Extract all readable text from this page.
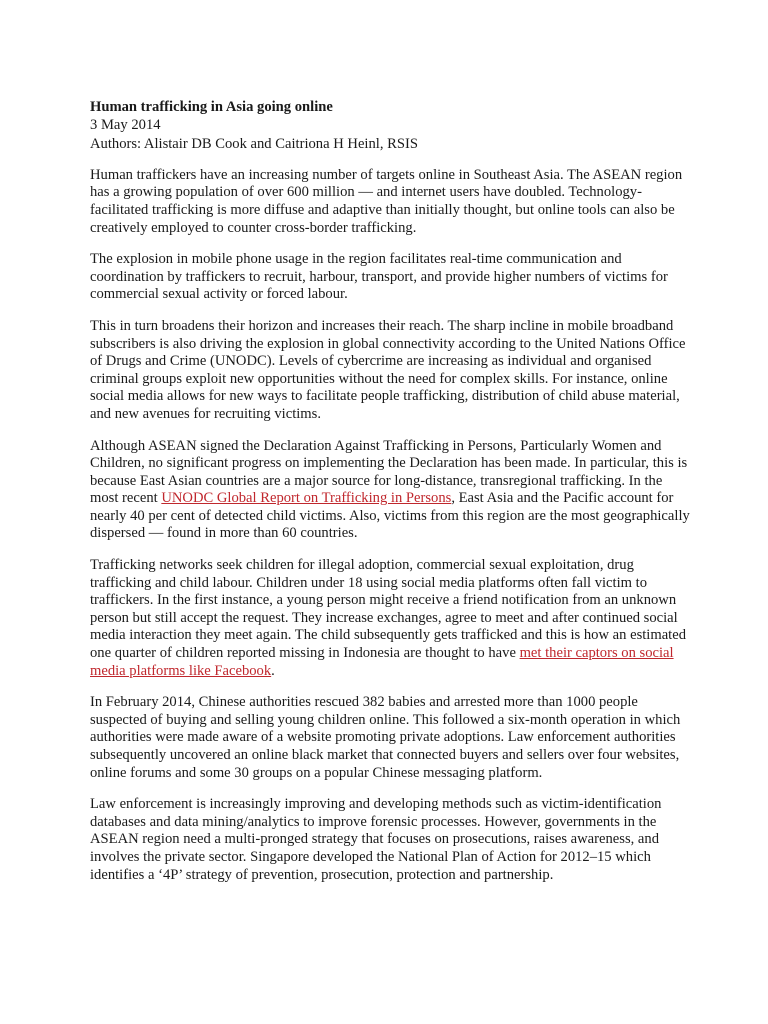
Human trafficking in Asia going online

3 May 2014

Authors: Alistair DB Cook and Caitriona H Heinl, RSIS

Human traffickers have an increasing number of targets online in Southeast Asia. The ASEAN region has a growing population of over 600 million — and internet users have doubled. Technology-facilitated trafficking is more diffuse and adaptive than initially thought, but online tools can also be creatively employed to counter cross-border trafficking.

The explosion in mobile phone usage in the region facilitates real-time communication and coordination by traffickers to recruit, harbour, transport, and provide higher numbers of victims for commercial sexual activity or forced labour.

This in turn broadens their horizon and increases their reach. The sharp incline in mobile broadband subscribers is also driving the explosion in global connectivity according to the United Nations Office of Drugs and Crime (UNODC). Levels of cybercrime are increasing as individual and organised criminal groups exploit new opportunities without the need for complex skills. For instance, online social media allows for new ways to facilitate people trafficking, distribution of child abuse material, and new avenues for recruiting victims.

Although ASEAN signed the Declaration Against Trafficking in Persons, Particularly Women and Children, no significant progress on implementing the Declaration has been made. In particular, this is because East Asian countries are a major source for long-distance, transregional trafficking. In the most recent UNODC Global Report on Trafficking in Persons, East Asia and the Pacific account for nearly 40 per cent of detected child victims. Also, victims from this region are the most geographically dispersed — found in more than 60 countries.

Trafficking networks seek children for illegal adoption, commercial sexual exploitation, drug trafficking and child labour. Children under 18 using social media platforms often fall victim to traffickers. In the first instance, a young person might receive a friend notification from an unknown person but still accept the request. They increase exchanges, agree to meet and after continued social media interaction they meet again. The child subsequently gets trafficked and this is how an estimated one quarter of children reported missing in Indonesia are thought to have met their captors on social media platforms like Facebook.

In February 2014, Chinese authorities rescued 382 babies and arrested more than 1000 people suspected of buying and selling young children online. This followed a six-month operation in which authorities were made aware of a website promoting private adoptions. Law enforcement authorities subsequently uncovered an online black market that connected buyers and sellers over four websites, online forums and some 30 groups on a popular Chinese messaging platform.

Law enforcement is increasingly improving and developing methods such as victim-identification databases and data mining/analytics to improve forensic processes. However, governments in the ASEAN region need a multi-pronged strategy that focuses on prosecutions, raises awareness, and involves the private sector. Singapore developed the National Plan of Action for 2012–15 which identifies a ‘4P’ strategy of prevention, prosecution, protection and partnership.
